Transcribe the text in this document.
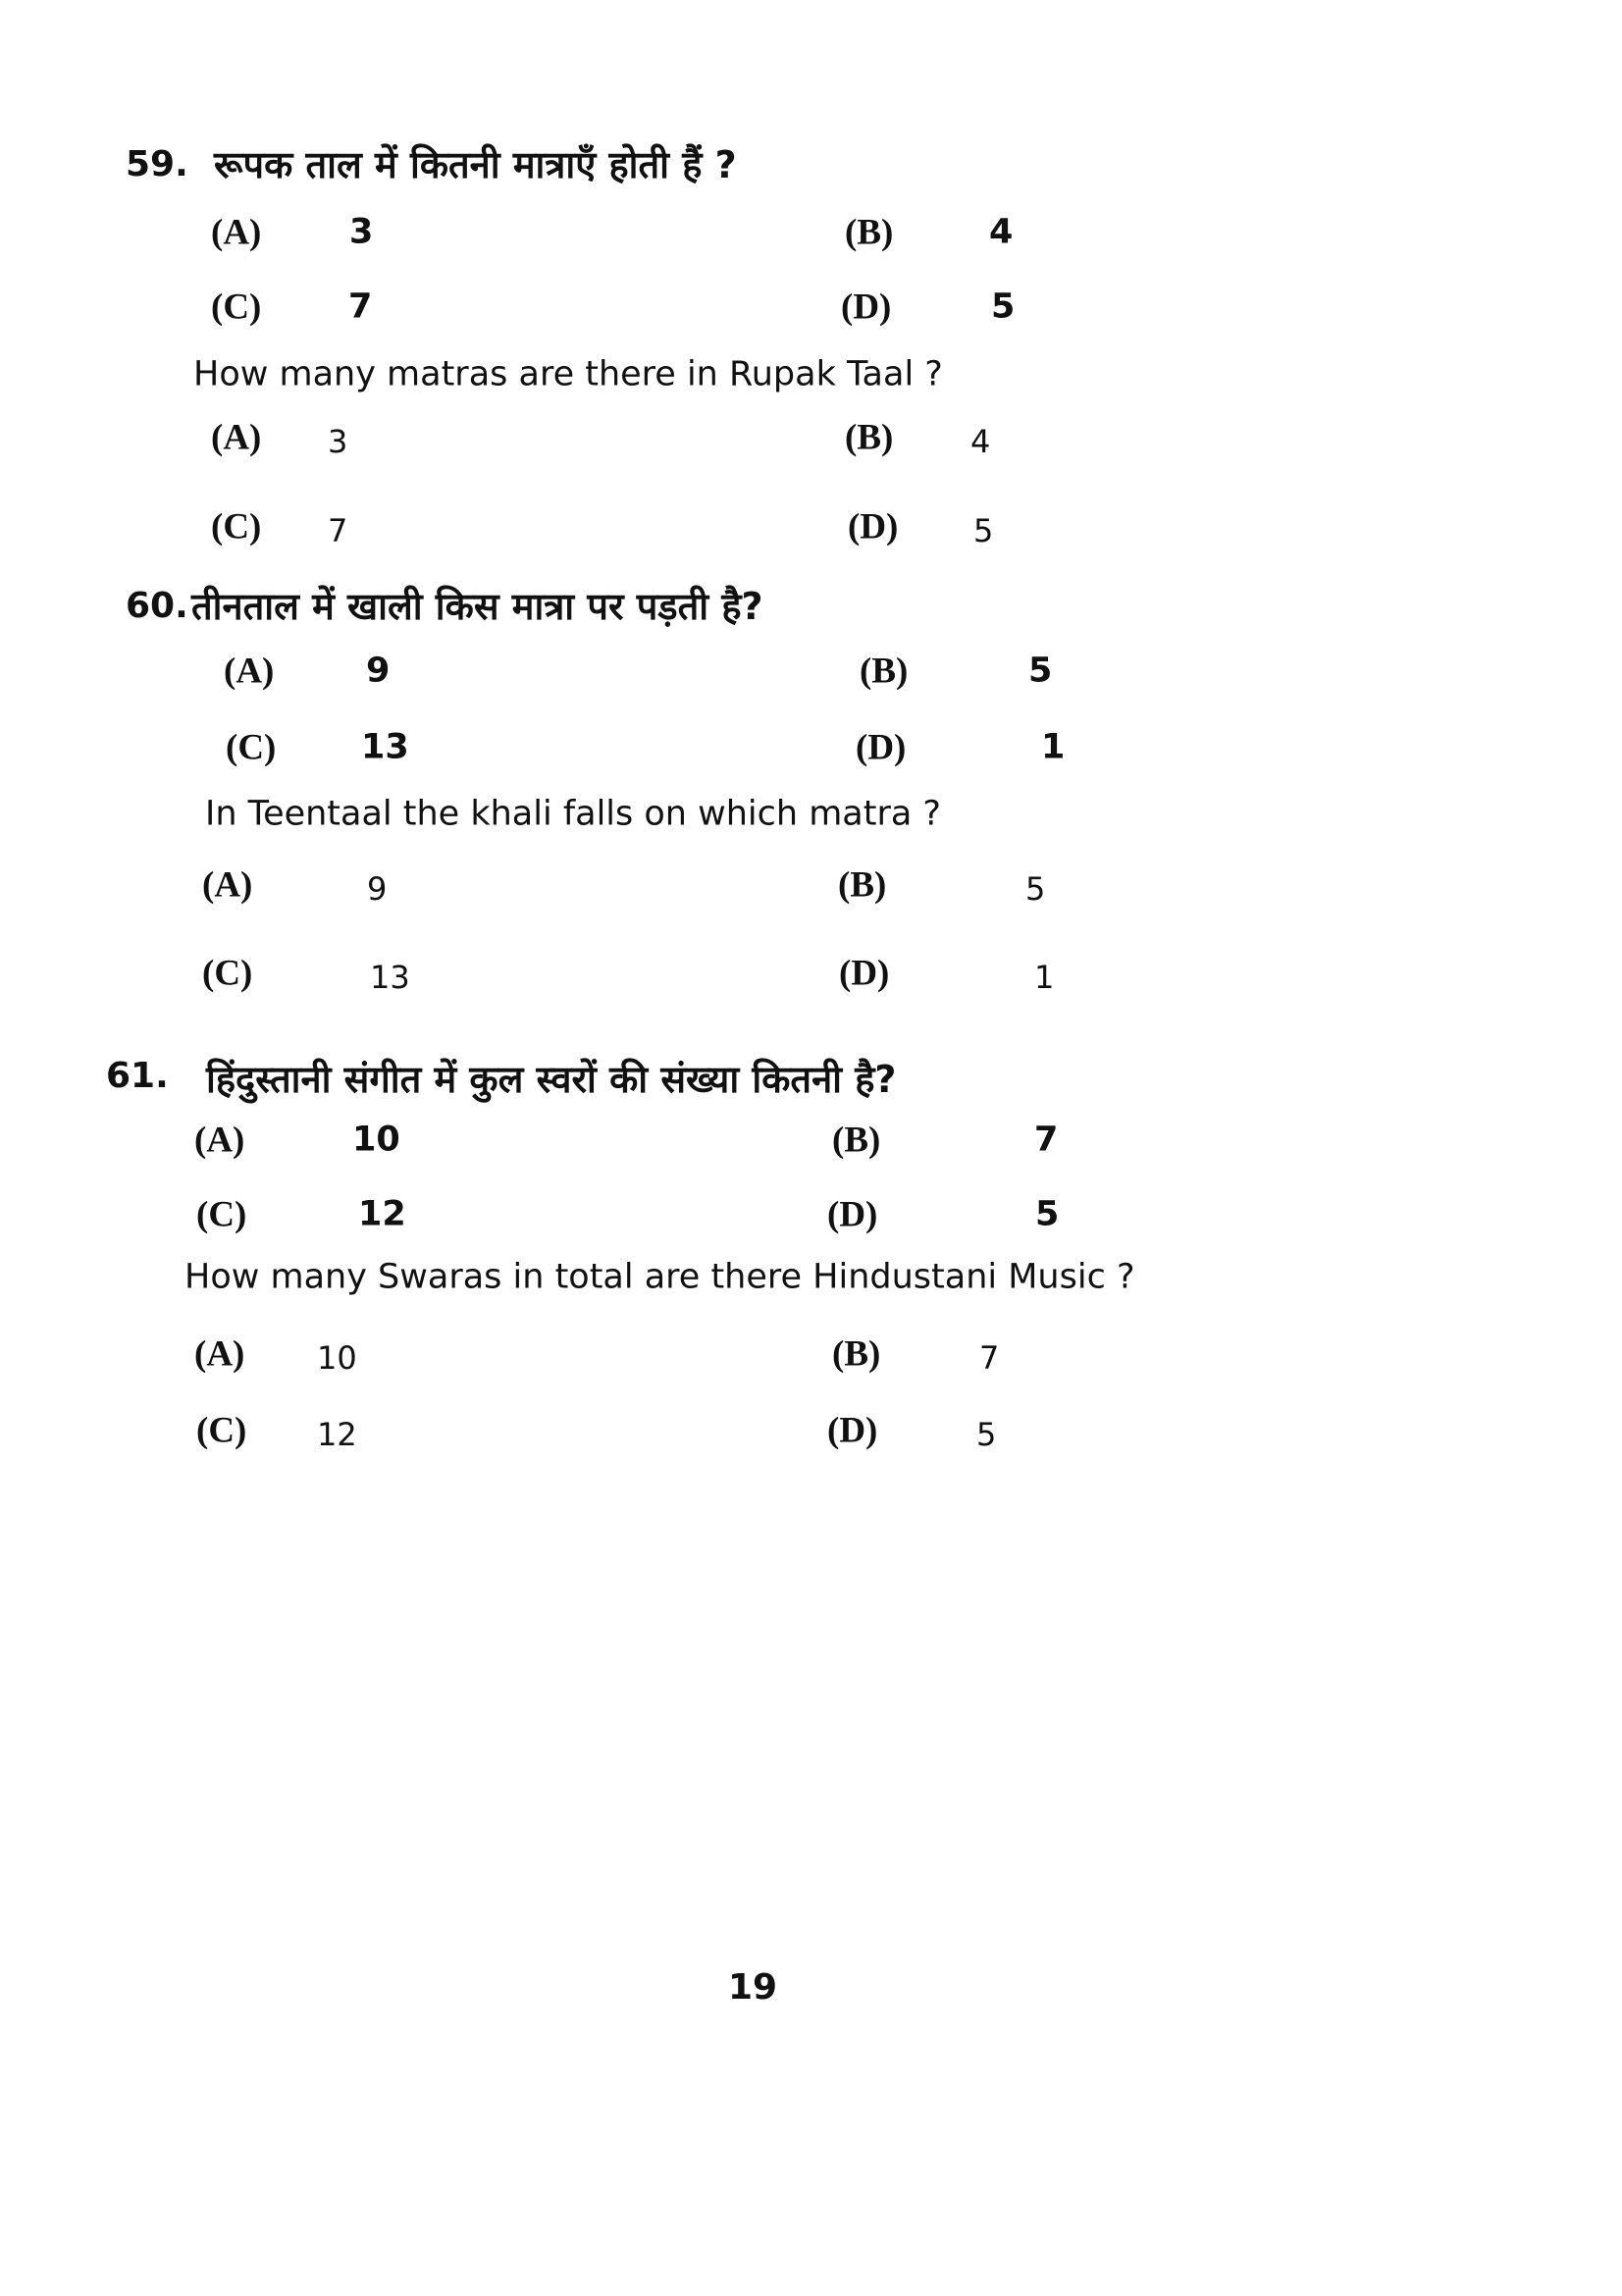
19
59. रूपक ताल में कितनी मात्राएँ होती हैं ?
How many matras are there in Rupak Taal ?
(A)	3	(B)	4
(C)	7	(D)	5
(A) 3	(B) 4
(C) 7	(D) 5
60. तीनताल में खाली किस मात्रा पर पड़ती है?
In Teentaal the khali falls on which matra ?
(A)	9	(B)	5
(C) 13	(D)	1
(A)	9	(B)	5
(C)	13	(D)	1
61. हिंदुस्तानी संगीत में कुल स्वरों की संख्या कितनी है?
How many Swaras in total are there Hindustani Music ?
(A)	10	(B)	7
(C)	12	(D)	5
(A) 10	(B)	7
(C) 12	(D)	5
